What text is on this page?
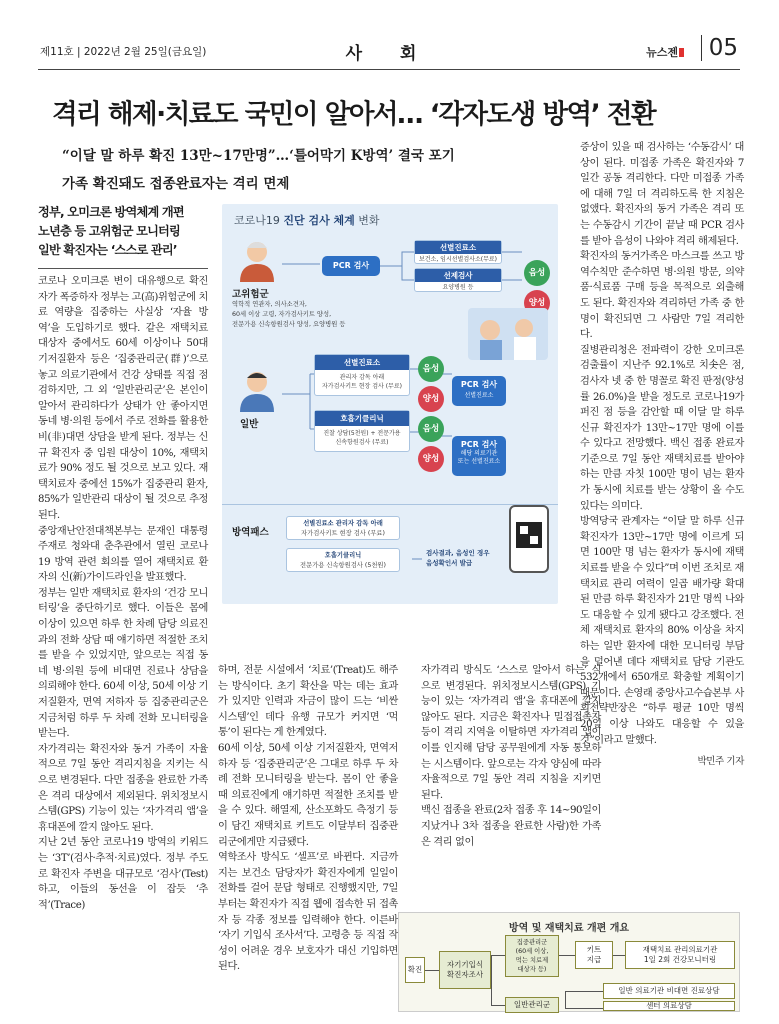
제11호 | 2022년 2월 25일(금요일)	사 회	뉴스젠	05
격리 해제·치료도 국민이 알아서… ‘각자도생 방역’ 전환
“이달 말 하루 확진 13만~17만명”…‘틀어막기 K방역’ 결국 포기
가족 확진돼도 접종완료자는 격리 면제
정부, 오미크론 방역체계 개편
노년층 등 고위험군 모니터링
일반 확진자는 ‘스스로 관리’

코로나 오미크론 변이 대유행으로 확진자가 폭증하자 정부는 고(高)위험군에 치료 역량을 집중하는 사실상 ‘자율 방역’을 도입하기로 했다. 같은 재택치료 대상자 중에서도 60세 이상이나 50대 기저질환자 등은 ‘집중관리군(群)’으로 놓고 의료기관에서 건강 상태를 직접 점검하지만, 그 외 ‘일반관리군’은 본인이 알아서 관리하다가 상태가 안 좋아지면 동네 병·의원 등에서 주로 전화를 활용한 비(非)대면 상담을 받게 된다. 정부는 신규 확진자 중 입원 대상이 10%, 재택치료가 90% 정도 될 것으로 보고 있다. 재택치료자 중에선 15%가 집중관리 환자, 85%가 일반관리 대상이 될 것으로 추정된다.

중앙재난안전대책본부는 문재인 대통령 주재로 청와대 춘추관에서 열린 코로나19 방역 관련 회의를 열어 재택치료 환자의 신(新)가이드라인을 발표했다.

정부는 일반 재택치료 환자의 ‘건강 모니터링’을 중단하기로 했다. 이들은 몸에 이상이 있으면 하루 한 차례 담당 의료진과의 전화 상담 때 얘기하면 적절한 조치를 받을 수 있었지만, 앞으로는 직접 동네 병·의원 등에 비대면 진료나 상담을 의뢰해야 한다. 60세 이상, 50세 이상 기저질환자, 면역 저하자 등 집중관리군은 지금처럼 하루 두 차례 전화 모니터링을 받는다.

자가격리는 확진자와 동거 가족이 자율적으로 7일 동안 격리지침을 지키는 식으로 변경된다. 다만 접종을 완료한 가족은 격리 대상에서 제외된다. 위치정보시스템(GPS) 기능이 있는 ‘자가격리 앱’을 휴대폰에 깔지 않아도 된다.

지난 2년 동안 코로나19 방역의 키워드는 ‘3T’(검사·추적·치료)였다. 정부 주도로 확진자 주변을 대규모로 ‘검사’(Test)하고, 이들의 동선을 이 잡듯 ‘추적’(Trace)

하며, 전문 시설에서 ‘치료’(Treat)도 해주는 방식이다. 초기 확산을 막는 데는 효과가 있지만 인력과 자금이 많이 드는 ‘비싼 시스템’인 데다 유행 규모가 커지면 ‘먹통’이 된다는 게 한계였다.

60세 이상, 50세 이상 기저질환자, 면역저하자 등 ‘집중관리군’은 그대로 하루 두 차례 전화 모니터링을 받는다. 몸이 안 좋을 때 의료진에게 얘기하면 적절한 조치를 받을 수 있다. 해열제, 산소포화도 측정기 등이 담긴 재택치료 키트도 이달부터 집중관리군에게만 지급됐다.

역학조사 방식도 ‘셀프’로 바뀐다. 지금까지는 보건소 담당자가 확진자에게 일일이 전화를 걸어 문답 형태로 진행했지만, 7일부터는 확진자가 직접 웹에 접속한 뒤 접촉자 등 각종 정보를 입력해야 한다. 이른바 ‘자기 기입식 조사서’다. 고령층 등 직접 작성이 어려운 경우 보호자가 대신 기입하면 된다.

자가격리 방식도 ‘스스로 알아서 하는’ 식으로 변경된다. 위치정보시스템(GPS) 기능이 있는 ‘자가격리 앱’을 휴대폰에 깔지 않아도 된다. 지금은 확진자나 밀접접촉자 등이 격리 지역을 이탈하면 자가격리 앱이 이를 인지해 담당 공무원에게 자동 통보하는 시스템이다. 앞으로는 각자 양심에 따라 자율적으로 7일 동안 격리 지침을 지키면 된다.

백신 접종을 완료(2차 접종 후 14~90일이 지났거나 3차 접종을 완료한 사람)한 가족은 격리 없이

증상이 있을 때 검사하는 ‘수동감시’ 대상이 된다. 미접종 가족은 확진자와 7일간 공동 격리한다. 다만 미접종 가족에 대해 7일 더 격리하도록 한 지침은 없앴다. 확진자의 동거 가족은 격리 또는 수동감시 기간이 끝날 때 PCR 검사를 받아 음성이 나와야 격리 해제된다.

확진자의 동거가족은 마스크를 쓰고 방역수칙만 준수하면 병·의원 방문, 의약품·식료품 구매 등을 목적으로 외출해도 된다. 확진자와 격리하던 가족 중 한 명이 확진되면 그 사람만 7일 격리한다.

질병관리청은 전파력이 강한 오미크론 검출률이 지난주 92.1%로 치솟은 점, 검사자 넷 중 한 명꼴로 확진 판정(양성률 26.0%)을 받을 정도로 코로나19가 퍼진 점 등을 감안할 때 이달 말 하루 신규 확진자가 13만~17만 명에 이를 수 있다고 전망했다. 백신 접종 완료자 기준으로 7일 동안 재택치료를 받아야 하는 만큼 자칫 100만 명이 넘는 환자가 동시에 치료를 받는 상황이 올 수도 있다는 의미다.

방역당국 관계자는 “이달 말 하루 신규 확진자가 13만~17만 명에 이르게 되면 100만 명 넘는 환자가 동시에 재택치료를 받을 수 있다”며 이번 조치로 재택치료 관리 여력이 일곱 배가량 확대된 만큼 하루 확진자가 21만 명씩 나와도 대응할 수 있게 됐다고 강조했다. 전체 재택치료 환자의 80% 이상을 차지하는 일반 환자에 대한 모니터링 부담을 덜어낸 데다 재택치료 담당 기관도 532개에서 650개로 확충할 계획이기 때문이다. 손영래 중앙사고수습본부 사회전략반장은 “하루 평균 10만 명씩 20일 이상 나와도 대응할 수 있을 것”이라고 말했다.

박민주 기자
코로나19 진단 검사 체계 변화
고위험군
역학적 연관자, 의사소견자,
60세 이상 고령, 자가검사키트 양성,
전문가용 신속항원검사 양성, 요양병원 등
PCR 검사
선별진료소
보건소, 임시선별검사소(무료)
선제검사
요양병원 등
음성
양성
일반
선별진료소
관리자 감독 아래
자가검사키트 현장 검사 (무료)
호흡기클리닉
진찰 상담(5천원) + 전문가용
신속항원검사 (무료)
음성
양성
음성
양성
PCR 검사
선별진료소
PCR 검사
해당 의료기관
또는 선별진료소
방역패스
선별진료소 관리자 감독 아래
자가검사키트 현장 검사 (무료)
호흡기클리닉
전문가용 신속항원검사 (5천원)
검사결과, 음성인 경우
음성확인서 발급
방역 및 재택치료 개편 개요
확진
자기기입식
확진자조사
집중관리군
(60세 이상,
먹는 치료제
대상자 등)
키트
지급
재택치료 관리의료기관
1일 2회 건강모니터링
일반관리군
일반 의료기관 비대면 진료상담
센터 의료상담
